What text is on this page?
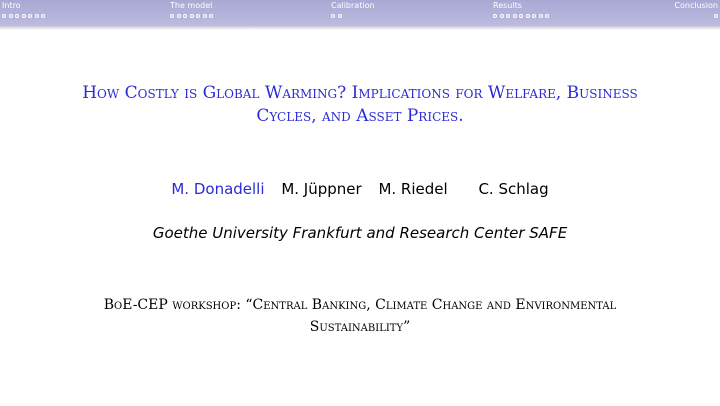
Intro	The model	Calibration	Results	Conclusion
How Costly is Global Warming? Implications for Welfare, Business
Cycles, and Asset Prices.
M. Donadelli M. Jüppner M. Riedel C. Schlag
Goethe University Frankfurt and Research Center SAFE
BoE-CEP workshop: “Central Banking, Climate Change and Environmental
Sustainability”
